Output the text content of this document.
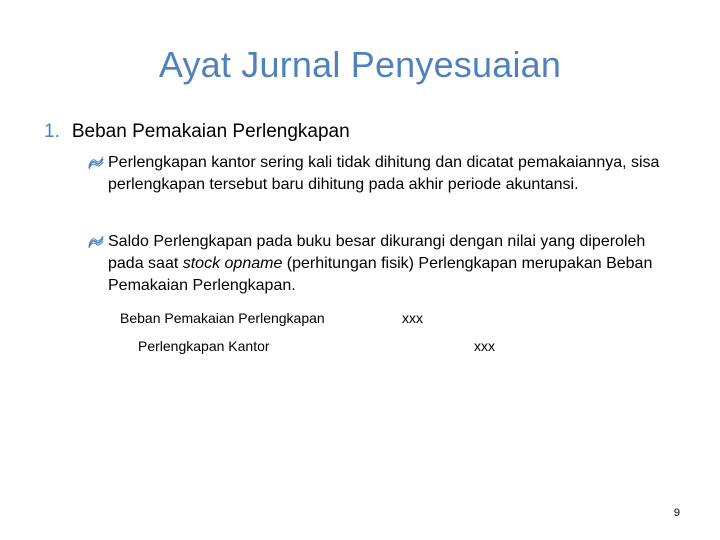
Ayat Jurnal Penyesuaian
1. Beban Pemakaian Perlengkapan
Perlengkapan kantor sering kali tidak dihitung dan dicatat pemakaiannya, sisa perlengkapan tersebut baru dihitung pada akhir periode akuntansi.
Saldo Perlengkapan pada buku besar dikurangi dengan nilai yang diperoleh pada saat stock opname (perhitungan fisik) Perlengkapan merupakan Beban Pemakaian Perlengkapan.
Beban Pemakaian Perlengkapan	xxx
Perlengkapan Kantor	xxx
9
